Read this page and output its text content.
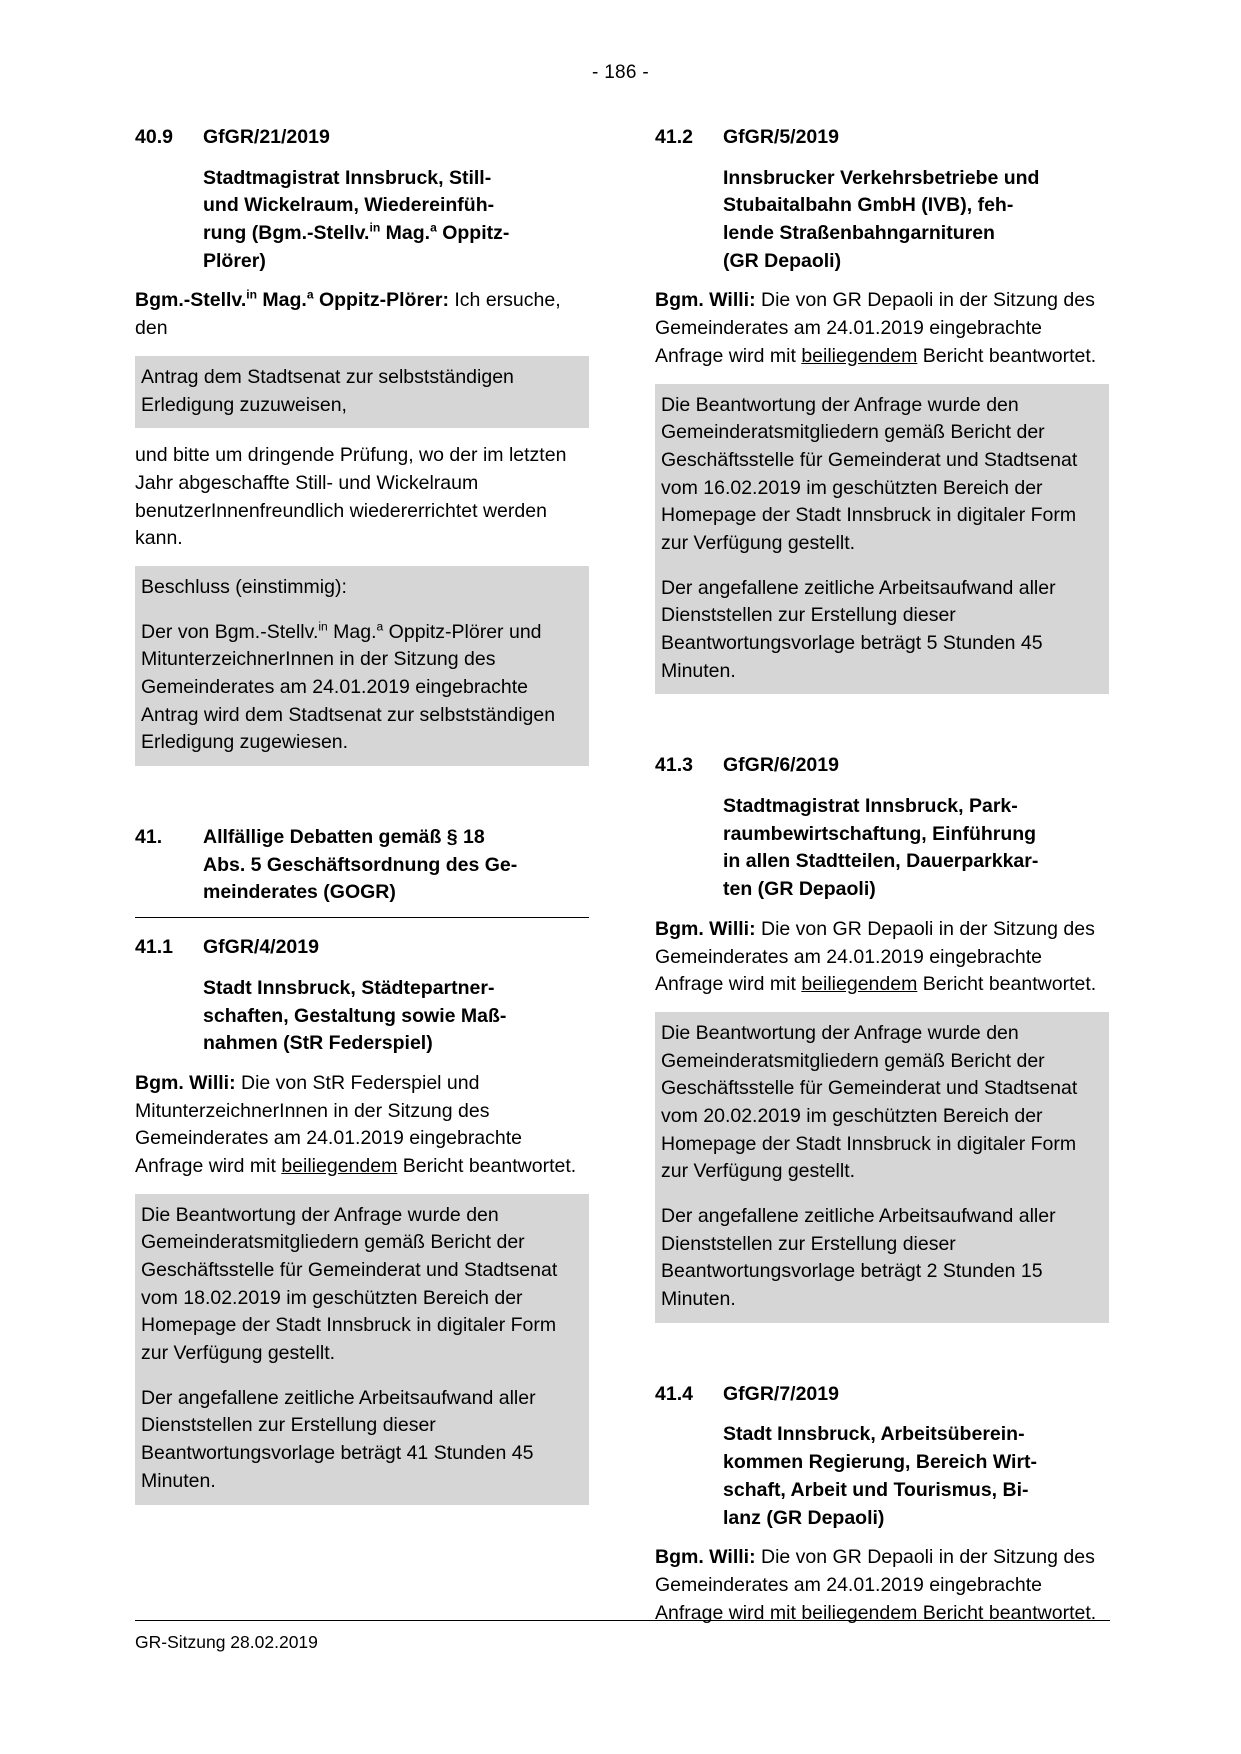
- 186 -
40.9	GfGR/21/2019
Stadtmagistrat Innsbruck, Still-
und Wickelraum, Wiedereinfüh-
rung (Bgm.-Stellv.$^{in}$ Mag.$^a$ Oppitz-
Plörer)
Bgm.-Stellv.$^{in}$ Mag.$^a$ Oppitz-Plörer: Ich ersuche, den

Antrag dem Stadtsenat zur selbstständigen Erledigung zuzuweisen,

und bitte um dringende Prüfung, wo der im letzten Jahr abgeschaffte Still- und Wickelraum benutzerInnenfreundlich wiedererrichtet werden kann.

Beschluss (einstimmig):

Der von Bgm.-Stellv.$^{in}$ Mag.$^a$ Oppitz-Plörer und MitunterzeichnerInnen in der Sitzung des Gemeinderates am 24.01.2019 eingebrachte Antrag wird dem Stadtsenat zur selbstständigen Erledigung zugewiesen.

41.	Allfällige Debatten gemäß § 18
Abs. 5 Geschäftsordnung des Ge-
meinderates (GOGR)
41.1	GfGR/4/2019
Stadt Innsbruck, Städtepartner-
schaften, Gestaltung sowie Maß-
nahmen (StR Federspiel)
Bgm. Willi: Die von StR Federspiel und MitunterzeichnerInnen in der Sitzung des Gemeinderates am 24.01.2019 eingebrachte Anfrage wird mit beiliegendem Bericht beantwortet.

Die Beantwortung der Anfrage wurde den Gemeinderatsmitgliedern gemäß Bericht der Geschäftsstelle für Gemeinderat und Stadtsenat vom 18.02.2019 im geschützten Bereich der Homepage der Stadt Innsbruck in digitaler Form zur Verfügung gestellt.

Der angefallene zeitliche Arbeitsaufwand aller Dienststellen zur Erstellung dieser Beantwortungsvorlage beträgt 41 Stunden 45 Minuten.

41.2	GfGR/5/2019
Innsbrucker Verkehrsbetriebe und
Stubaitalbahn GmbH (IVB), feh-
lende Straßenbahngarnituren
(GR Depaoli)
Bgm. Willi: Die von GR Depaoli in der Sitzung des Gemeinderates am 24.01.2019 eingebrachte Anfrage wird mit beiliegendem Bericht beantwortet.

Die Beantwortung der Anfrage wurde den Gemeinderatsmitgliedern gemäß Bericht der Geschäftsstelle für Gemeinderat und Stadtsenat vom 16.02.2019 im geschützten Bereich der Homepage der Stadt Innsbruck in digitaler Form zur Verfügung gestellt.

Der angefallene zeitliche Arbeitsaufwand aller Dienststellen zur Erstellung dieser Beantwortungsvorlage beträgt 5 Stunden 45 Minuten.

41.3	GfGR/6/2019
Stadtmagistrat Innsbruck, Park-
raumbewirtschaftung, Einführung
in allen Stadtteilen, Dauerparkkar-
ten (GR Depaoli)
Bgm. Willi: Die von GR Depaoli in der Sitzung des Gemeinderates am 24.01.2019 eingebrachte Anfrage wird mit beiliegendem Bericht beantwortet.

Die Beantwortung der Anfrage wurde den Gemeinderatsmitgliedern gemäß Bericht der Geschäftsstelle für Gemeinderat und Stadtsenat vom 20.02.2019 im geschützten Bereich der Homepage der Stadt Innsbruck in digitaler Form zur Verfügung gestellt.

Der angefallene zeitliche Arbeitsaufwand aller Dienststellen zur Erstellung dieser Beantwortungsvorlage beträgt 2 Stunden 15 Minuten.

41.4	GfGR/7/2019
Stadt Innsbruck, Arbeitsüberein-
kommen Regierung, Bereich Wirt-
schaft, Arbeit und Tourismus, Bi-
lanz (GR Depaoli)
Bgm. Willi: Die von GR Depaoli in der Sitzung des Gemeinderates am 24.01.2019 eingebrachte Anfrage wird mit beiliegendem Bericht beantwortet.
GR-Sitzung 28.02.2019
